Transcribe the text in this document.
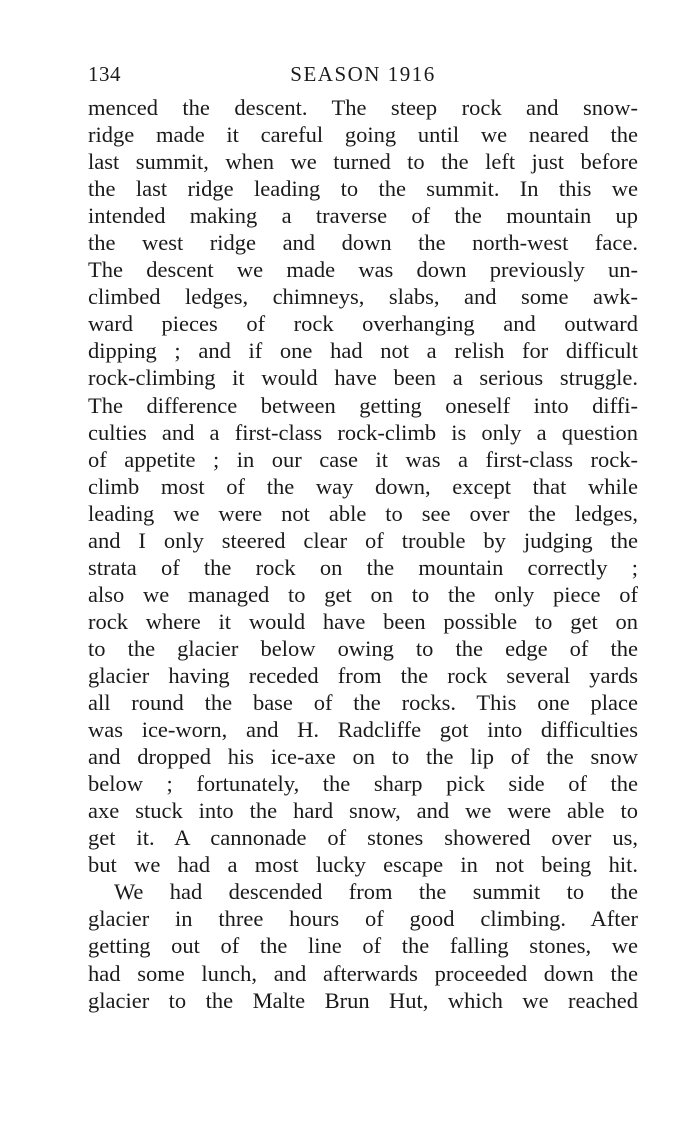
134	SEASON 1916
menced the descent. The steep rock and snow-
ridge made it careful going until we neared the
last summit, when we turned to the left just before
the last ridge leading to the summit. In this we
intended making a traverse of the mountain up
the west ridge and down the north-west face.
The descent we made was down previously un-
climbed ledges, chimneys, slabs, and some awk-
ward pieces of rock overhanging and outward
dipping ; and if one had not a relish for difficult
rock-climbing it would have been a serious struggle.
The difference between getting oneself into diffi-
culties and a first-class rock-climb is only a question
of appetite ; in our case it was a first-class rock-
climb most of the way down, except that while
leading we were not able to see over the ledges,
and I only steered clear of trouble by judging the
strata of the rock on the mountain correctly ;
also we managed to get on to the only piece of
rock where it would have been possible to get on
to the glacier below owing to the edge of the
glacier having receded from the rock several yards
all round the base of the rocks. This one place
was ice-worn, and H. Radcliffe got into difficulties
and dropped his ice-axe on to the lip of the snow
below ; fortunately, the sharp pick side of the
axe stuck into the hard snow, and we were able to
get it. A cannonade of stones showered over us,
but we had a most lucky escape in not being hit.
We had descended from the summit to the
glacier in three hours of good climbing. After
getting out of the line of the falling stones, we
had some lunch, and afterwards proceeded down the
glacier to the Malte Brun Hut, which we reached
